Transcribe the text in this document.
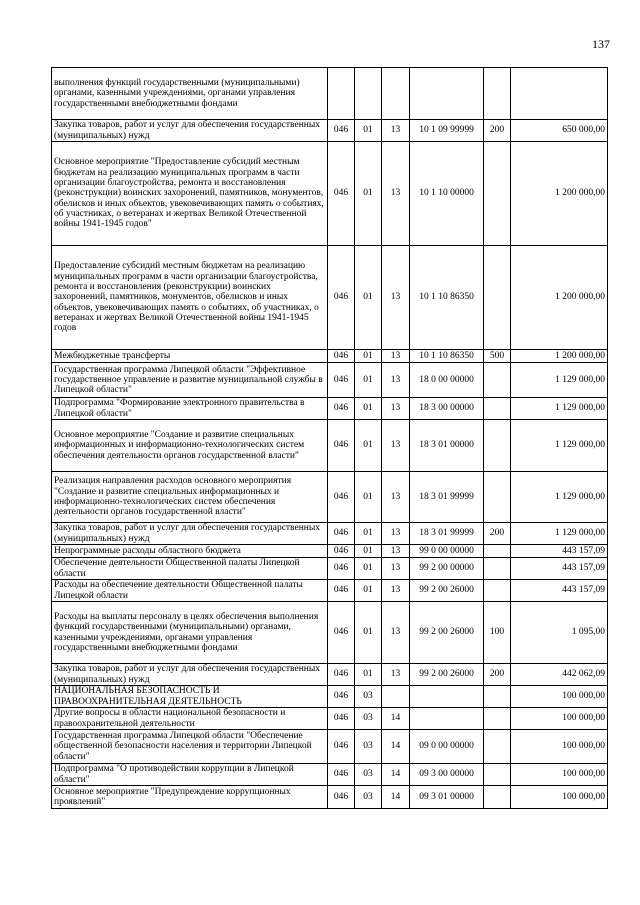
137
выполнения функций государственными (муниципальными) органами, казенными учреждениями, органами управления государственными внебюджетными фондами						
Закупка товаров, работ и услуг для обеспечения государственных (муниципальных) нужд	046	01	13	10 1 09 99999	200	650 000,00
Основное мероприятие "Предоставление субсидий местным бюджетам на реализацию муниципальных программ в части организации благоустройства, ремонта и восстановления (реконструкции) воинских захоронений, памятников, монументов, обелисков и иных объектов, увековечивающих память о событиях, об участниках, о ветеранах и жертвах Великой Отечественной войны 1941-1945 годов"	046	01	13	10 1 10 00000		1 200 000,00
Предоставление субсидий местным бюджетам на реализацию муниципальных программ в части организации благоустройства, ремонта и восстановления (реконструкции) воинских захоронений, памятников, монументов, обелисков и иных объектов, увековечивающих память о событиях, об участниках, о ветеранах и жертвах Великой Отечественной войны 1941-1945 годов	046	01	13	10 1 10 86350		1 200 000,00
Межбюджетные трансферты	046	01	13	10 1 10 86350	500	1 200 000,00
Государственная программа Липецкой области "Эффективное государственное управление и развитие муниципальной службы в Липецкой области"	046	01	13	18 0 00 00000		1 129 000,00
Подпрограмма "Формирование электронного правительства в Липецкой области"	046	01	13	18 3 00 00000		1 129 000,00
Основное мероприятие "Создание и развитие специальных информационных и информационно-технологических систем обеспечения деятельности органов государственной власти"	046	01	13	18 3 01 00000		1 129 000,00
Реализация направления расходов основного мероприятия "Создание и развитие специальных информационных и информационно-технологических систем обеспечения деятельности органов государственной власти"	046	01	13	18 3 01 99999		1 129 000,00
Закупка товаров, работ и услуг для обеспечения государственных (муниципальных) нужд	046	01	13	18 3 01 99999	200	1 129 000,00
Непрограммные расходы областного бюджета	046	01	13	99 0 00 00000		443 157,09
Обеспечение деятельности Общественной палаты Липецкой области	046	01	13	99 2 00 00000		443 157,09
Расходы на обеспечение деятельности Общественной палаты Липецкой области	046	01	13	99 2 00 26000		443 157,09
Расходы на выплаты персоналу в целях обеспечения выполнения функций государственными (муниципальными) органами, казенными учреждениями, органами управления государственными внебюджетными фондами	046	01	13	99 2 00 26000	100	1 095,00
Закупка товаров, работ и услуг для обеспечения государственных (муниципальных) нужд	046	01	13	99 2 00 26000	200	442 062,09
НАЦИОНАЛЬНАЯ БЕЗОПАСНОСТЬ И ПРАВООХРАНИТЕЛЬНАЯ ДЕЯТЕЛЬНОСТЬ	046	03				100 000,00
Другие вопросы в области национальной безопасности и правоохранительной деятельности	046	03	14			100 000,00
Государственная программа Липецкой области "Обеспечение общественной безопасности населения и территории Липецкой области"	046	03	14	09 0 00 00000		100 000,00
Подпрограмма "О противодействии коррупции в Липецкой области"	046	03	14	09 3 00 00000		100 000,00
Основное мероприятие "Предупреждение коррупционных проявлений"	046	03	14	09 3 01 00000		100 000,00
